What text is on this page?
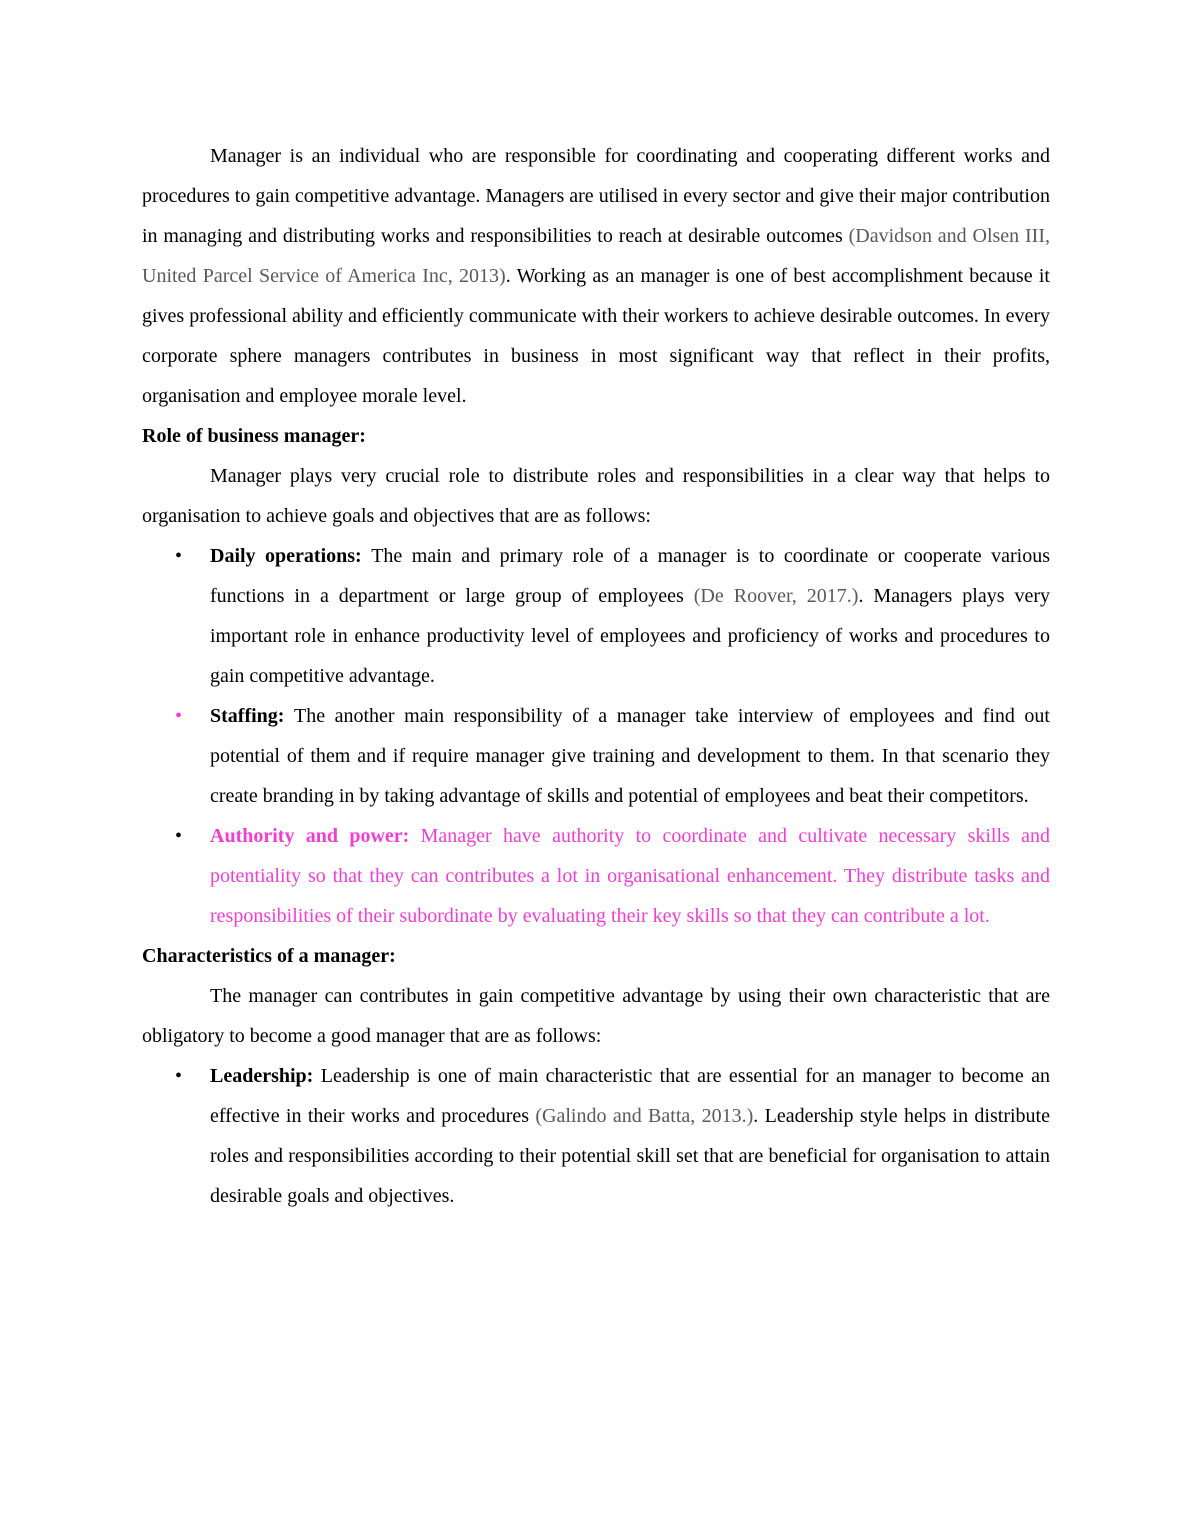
Manager is an individual who are responsible for coordinating and cooperating different works and procedures to gain competitive advantage. Managers are utilised in every sector and give their major contribution in managing and distributing works and responsibilities to reach at desirable outcomes (Davidson and Olsen III, United Parcel Service of America Inc, 2013). Working as an manager is one of best accomplishment because it gives professional ability and efficiently communicate with their workers to achieve desirable outcomes. In every corporate sphere managers contributes in business in most significant way that reflect in their profits, organisation and employee morale level.

Role of business manager:

Manager plays very crucial role to distribute roles and responsibilities in a clear way that helps to organisation to achieve goals and objectives that are as follows:

•	Daily operations: The main and primary role of a manager is to coordinate or cooperate various functions in a department or large group of employees (De Roover, 2017.). Managers plays very important role in enhance productivity level of employees and proficiency of works and procedures to gain competitive advantage.
•	Staffing: The another main responsibility of a manager take interview of employees and find out potential of them and if require manager give training and development to them. In that scenario they create branding in by taking advantage of skills and potential of employees and beat their competitors.
•	Authority and power: Manager have authority to coordinate and cultivate necessary skills and potentiality so that they can contributes a lot in organisational enhancement. They distribute tasks and responsibilities of their subordinate by evaluating their key skills so that they can contribute a lot.
Characteristics of a manager:

The manager can contributes in gain competitive advantage by using their own characteristic that are obligatory to become a good manager that are as follows:

•	Leadership: Leadership is one of main characteristic that are essential for an manager to become an effective in their works and procedures (Galindo and Batta, 2013.). Leadership style helps in distribute roles and responsibilities according to their potential skill set that are beneficial for organisation to attain desirable goals and objectives.
